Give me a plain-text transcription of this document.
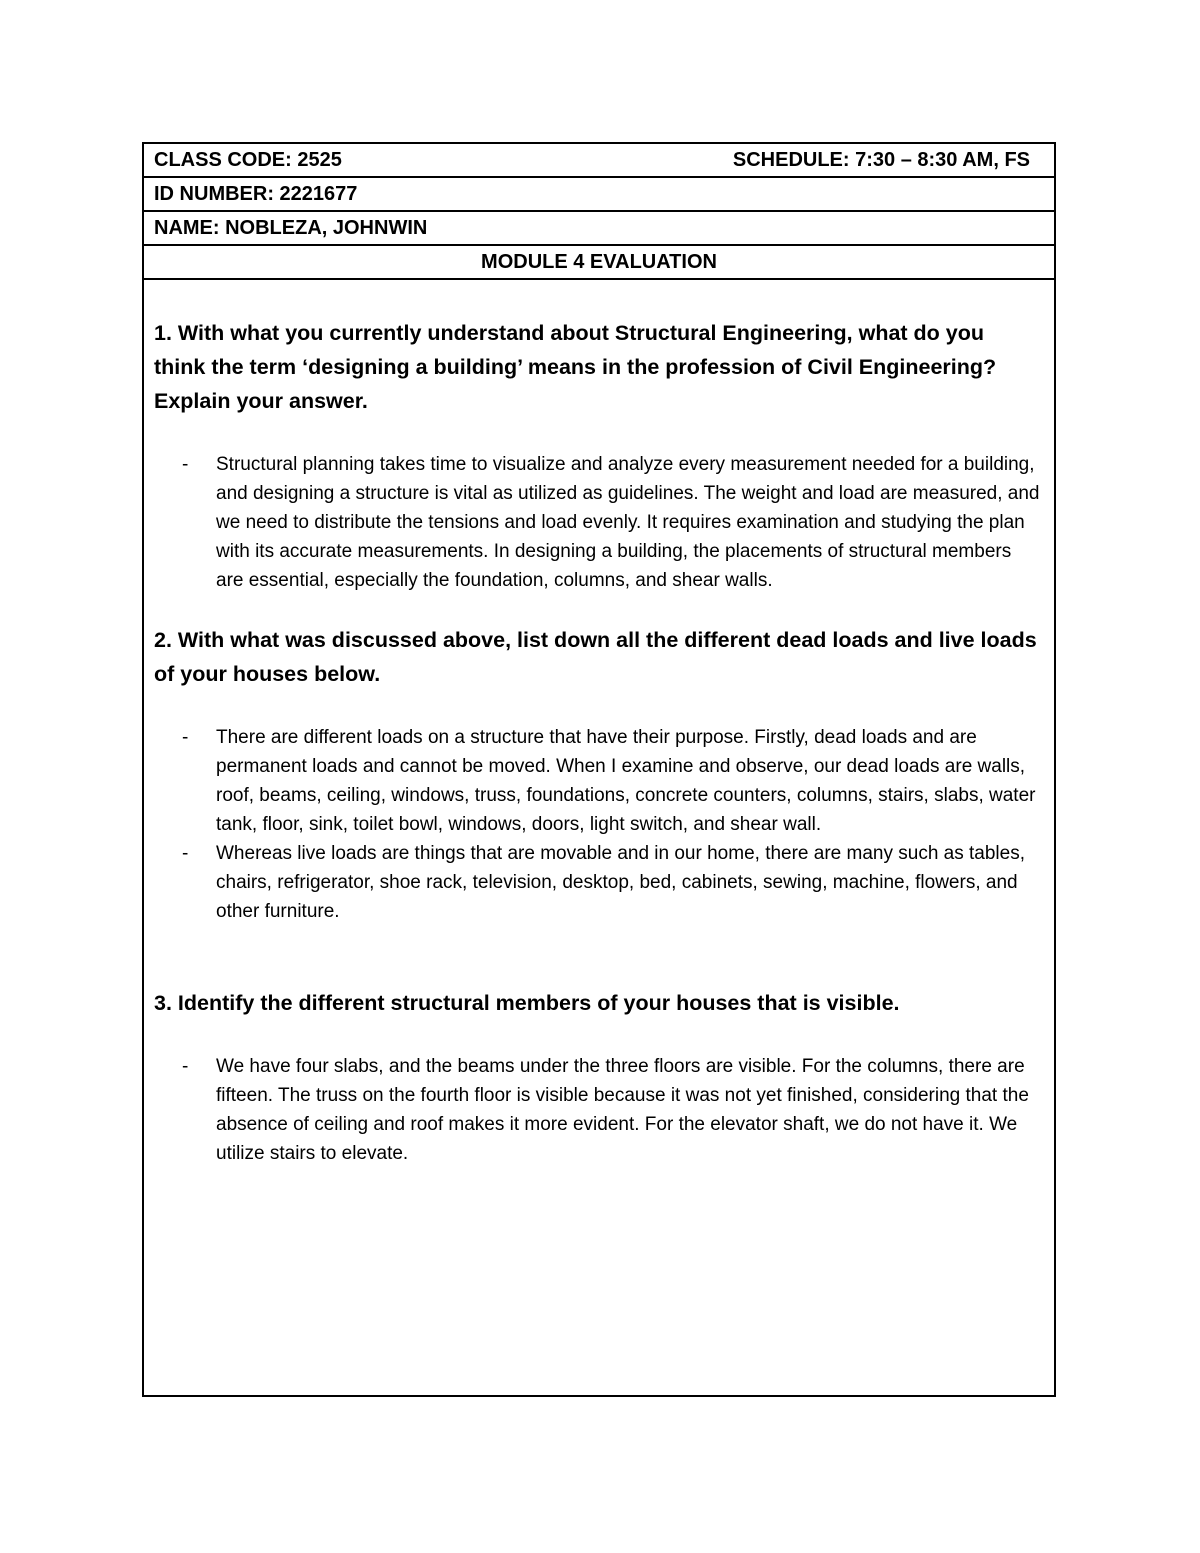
CLASS CODE: 2525	SCHEDULE: 7:30 – 8:30 AM, FS
ID NUMBER: 2221677
NAME: NOBLEZA, JOHNWIN
MODULE 4 EVALUATION

1. With what you currently understand about Structural Engineering, what do you think the term ‘designing a building’ means in the profession of Civil Engineering? Explain your answer.

-	Structural planning takes time to visualize and analyze every measurement needed for a building, and designing a structure is vital as utilized as guidelines. The weight and load are measured, and we need to distribute the tensions and load evenly. It requires examination and studying the plan with its accurate measurements. In designing a building, the placements of structural members are essential, especially the foundation, columns, and shear walls.

2. With what was discussed above, list down all the different dead loads and live loads of your houses below.

-	There are different loads on a structure that have their purpose. Firstly, dead loads and are permanent loads and cannot be moved. When I examine and observe, our dead loads are walls, roof, beams, ceiling, windows, truss, foundations, concrete counters, columns, stairs, slabs, water tank, floor, sink, toilet bowl, windows, doors, light switch, and shear wall.
-	Whereas live loads are things that are movable and in our home, there are many such as tables, chairs, refrigerator, shoe rack, television, desktop, bed, cabinets, sewing, machine, flowers, and other furniture.

3. Identify the different structural members of your houses that is visible.

-	We have four slabs, and the beams under the three floors are visible. For the columns, there are fifteen. The truss on the fourth floor is visible because it was not yet finished, considering that the absence of ceiling and roof makes it more evident. For the elevator shaft, we do not have it. We utilize stairs to elevate.
